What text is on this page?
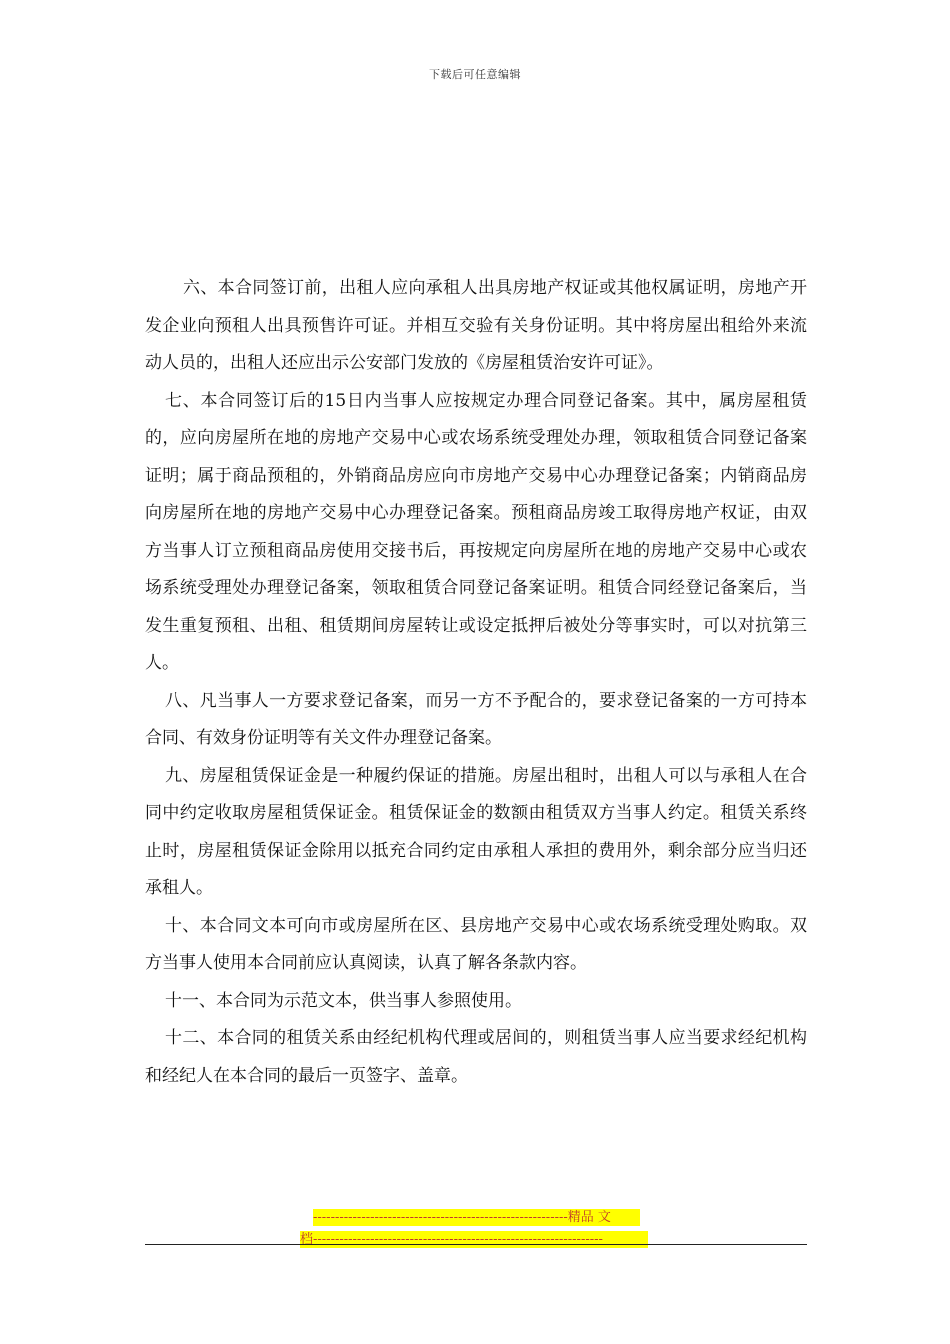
下载后可任意编辑

六、本合同签订前，出租人应向承租人出具房地产权证或其他权属证明，房地产开发企业向预租人出具预售许可证。并相互交验有关身份证明。其中将房屋出租给外来流动人员的，出租人还应出示公安部门发放的《房屋租赁治安许可证》。

七、本合同签订后的15日内当事人应按规定办理合同登记备案。其中，属房屋租赁的，应向房屋所在地的房地产交易中心或农场系统受理处办理，领取租赁合同登记备案证明；属于商品预租的，外销商品房应向市房地产交易中心办理登记备案；内销商品房向房屋所在地的房地产交易中心办理登记备案。预租商品房竣工取得房地产权证，由双方当事人订立预租商品房使用交接书后，再按规定向房屋所在地的房地产交易中心或农场系统受理处办理登记备案，领取租赁合同登记备案证明。租赁合同经登记备案后，当发生重复预租、出租、租赁期间房屋转让或设定抵押后被处分等事实时，可以对抗第三人。

八、凡当事人一方要求登记备案，而另一方不予配合的，要求登记备案的一方可持本合同、有效身份证明等有关文件办理登记备案。

九、房屋租赁保证金是一种履约保证的措施。房屋出租时，出租人可以与承租人在合同中约定收取房屋租赁保证金。租赁保证金的数额由租赁双方当事人约定。租赁关系终止时，房屋租赁保证金除用以抵充合同约定由承租人承担的费用外，剩余部分应当归还承租人。

十、本合同文本可向市或房屋所在区、县房地产交易中心或农场系统受理处购取。双方当事人使用本合同前应认真阅读，认真了解各条款内容。

十一、本合同为示范文本，供当事人参照使用。

十二、本合同的租赁关系由经纪机构代理或居间的，则租赁当事人应当要求经纪机构和经纪人在本合同的最后一页签字、盖章。

----------------------------------------------------------精品 文
档------------------------------------------------------------------
